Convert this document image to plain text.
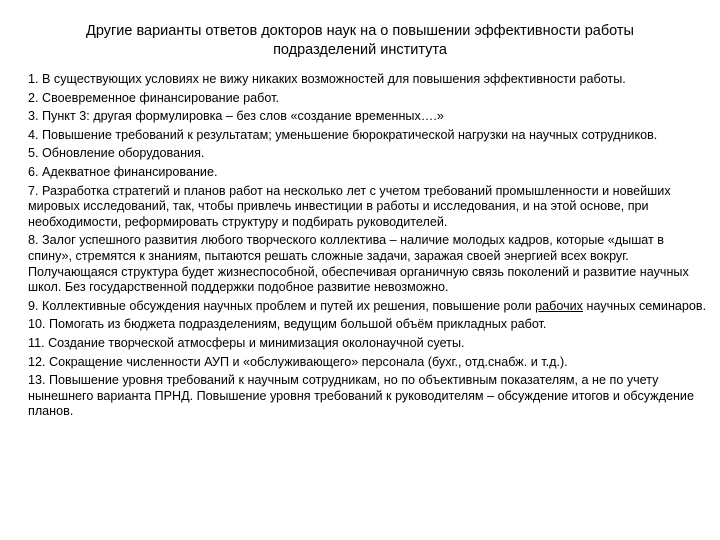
Другие варианты ответов докторов наук на о повышении эффективности работы подразделений института
1. В существующих условиях не вижу никаких возможностей для повышения эффективности работы.
2. Своевременное финансирование работ.
3. Пункт 3: другая формулировка – без слов «создание временных….»
4. Повышение требований к результатам; уменьшение бюрократической нагрузки на научных сотрудников.
5. Обновление оборудования.
6. Адекватное финансирование.
7. Разработка стратегий и планов работ на несколько лет с учетом требований промышленности и новейших мировых исследований, так, чтобы привлечь инвестиции в работы и исследования, и на этой основе, при необходимости, реформировать структуру и подбирать руководителей.
8. Залог успешного развития любого творческого коллектива – наличие молодых кадров, которые «дышат в спину», стремятся к знаниям, пытаются решать сложные задачи, заражая своей энергией всех вокруг. Получающаяся структура будет жизнеспособной, обеспечивая органичную связь поколений и развитие научных школ. Без государственной поддержки подобное развитие невозможно.
9. Коллективные обсуждения научных проблем и путей их решения, повышение роли рабочих научных семинаров.
10. Помогать из бюджета подразделениям, ведущим большой объём прикладных работ.
11. Создание творческой атмосферы и минимизация околонаучной суеты.
12. Сокращение численности АУП и «обслуживающего» персонала (бухг., отд.снабж. и т.д.).
13. Повышение уровня требований к научным сотрудникам, но по объективным показателям, а не по учету нынешнего варианта ПРНД. Повышение уровня требований к руководителям – обсуждение итогов и обсуждение планов.
